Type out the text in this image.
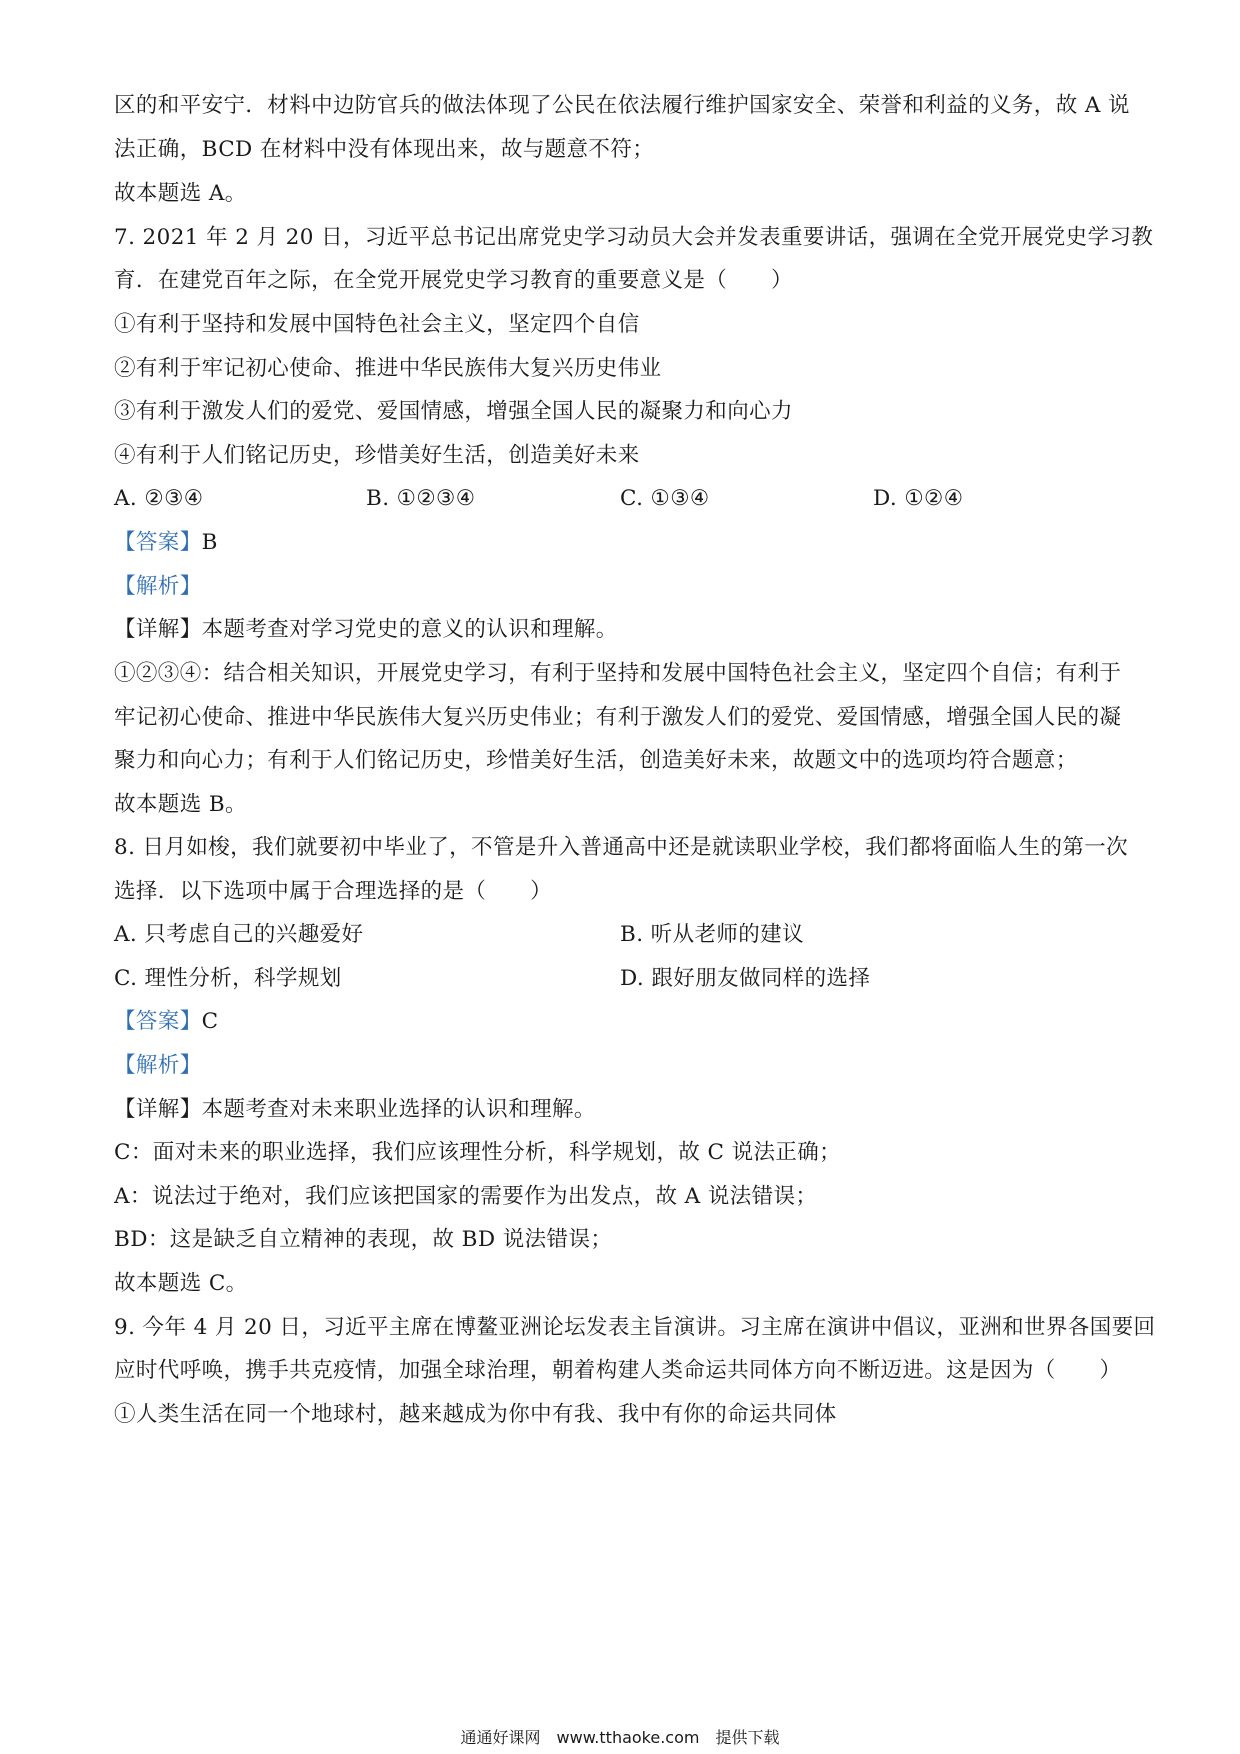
区的和平安宁．材料中边防官兵的做法体现了公民在依法履行维护国家安全、荣誉和利益的义务，故 A 说
法正确，BCD 在材料中没有体现出来，故与题意不符；
故本题选 A。
7. 2021 年 2 月 20 日，习近平总书记出席党史学习动员大会并发表重要讲话，强调在全党开展党史学习教
育．在建党百年之际，在全党开展党史学习教育的重要意义是（　　）
①有利于坚持和发展中国特色社会主义，坚定四个自信
②有利于牢记初心使命、推进中华民族伟大复兴历史伟业
③有利于激发人们的爱党、爱国情感，增强全国人民的凝聚力和向心力
④有利于人们铭记历史，珍惜美好生活，创造美好未来
A. ②③④	B. ①②③④	C. ①③④	D. ①②④
【答案】B
【解析】
【详解】本题考查对学习党史的意义的认识和理解。
①②③④：结合相关知识，开展党史学习，有利于坚持和发展中国特色社会主义，坚定四个自信；有利于
牢记初心使命、推进中华民族伟大复兴历史伟业；有利于激发人们的爱党、爱国情感，增强全国人民的凝
聚力和向心力；有利于人们铭记历史，珍惜美好生活，创造美好未来，故题文中的选项均符合题意；
故本题选 B。
8. 日月如梭，我们就要初中毕业了，不管是升入普通高中还是就读职业学校，我们都将面临人生的第一次
选择．以下选项中属于合理选择的是（　　）
A. 只考虑自己的兴趣爱好	B. 听从老师的建议
C. 理性分析，科学规划	D. 跟好朋友做同样的选择
【答案】C
【解析】
【详解】本题考查对未来职业选择的认识和理解。
C：面对未来的职业选择，我们应该理性分析，科学规划，故 C 说法正确；
A：说法过于绝对，我们应该把国家的需要作为出发点，故 A 说法错误；
BD：这是缺乏自立精神的表现，故 BD 说法错误；
故本题选 C。
9. 今年 4 月 20 日，习近平主席在博鳌亚洲论坛发表主旨演讲。习主席在演讲中倡议，亚洲和世界各国要回
应时代呼唤，携手共克疫情，加强全球治理，朝着构建人类命运共同体方向不断迈进。这是因为（　　）
①人类生活在同一个地球村，越来越成为你中有我、我中有你的命运共同体
通通好课网　www.tthaoke.com　提供下载
